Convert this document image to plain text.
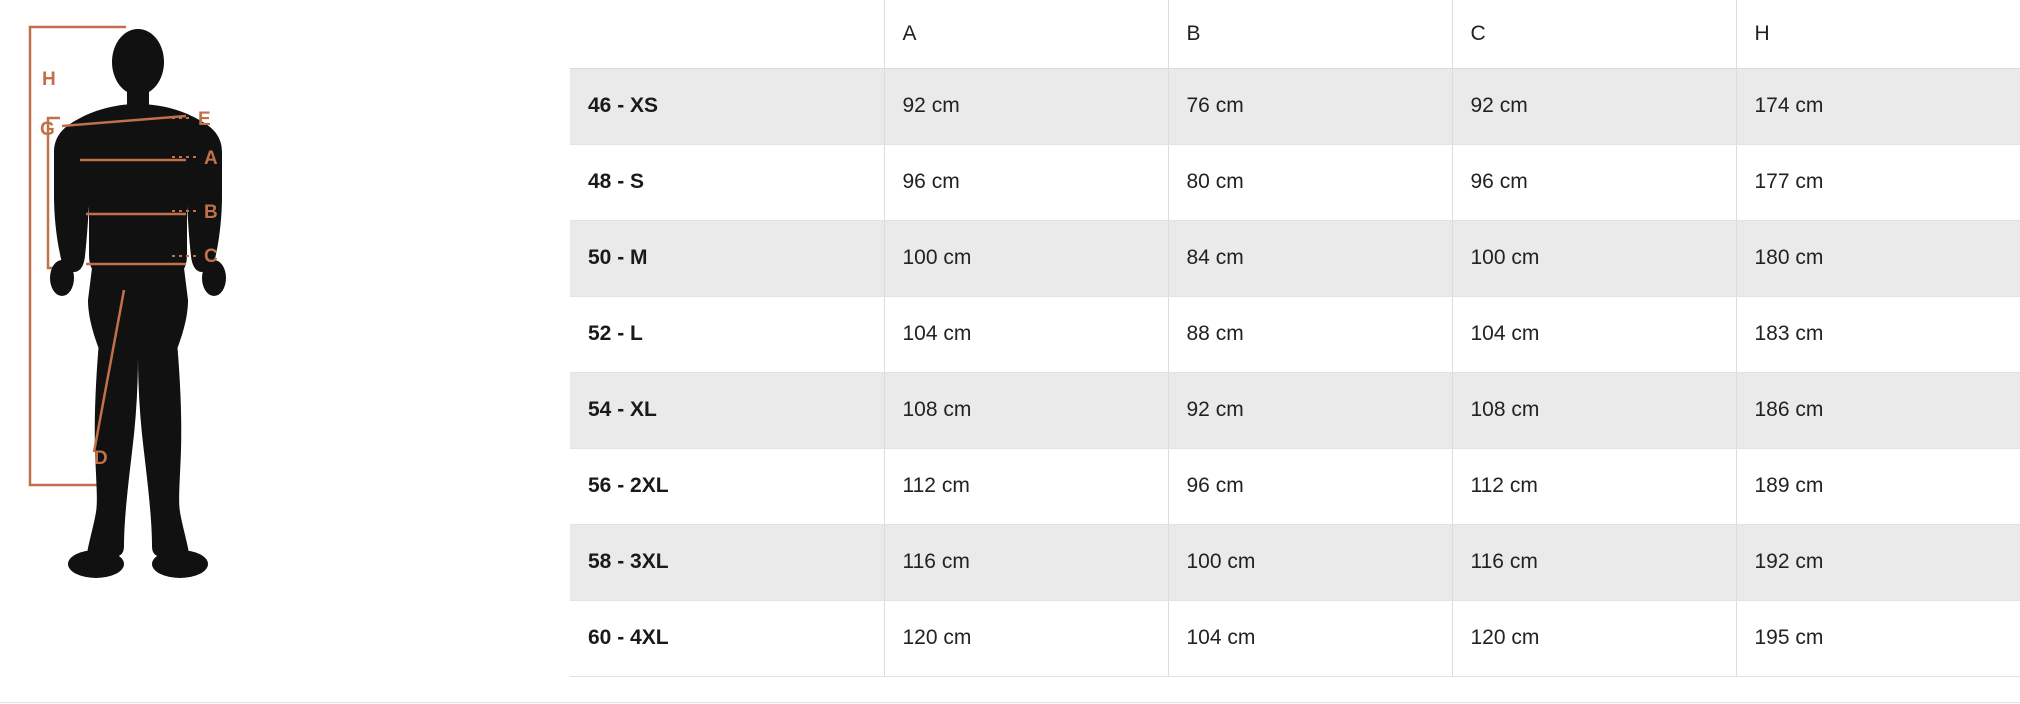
H
G	E
A
B
C
D
	A	B	C	H
46 - XS	92 cm	76 cm	92 cm	174 cm
48 - S	96 cm	80 cm	96 cm	177 cm
50 - M	100 cm	84 cm	100 cm	180 cm
52 - L	104 cm	88 cm	104 cm	183 cm
54 - XL	108 cm	92 cm	108 cm	186 cm
56 - 2XL	112 cm	96 cm	112 cm	189 cm
58 - 3XL	116 cm	100 cm	116 cm	192 cm
60 - 4XL	120 cm	104 cm	120 cm	195 cm
